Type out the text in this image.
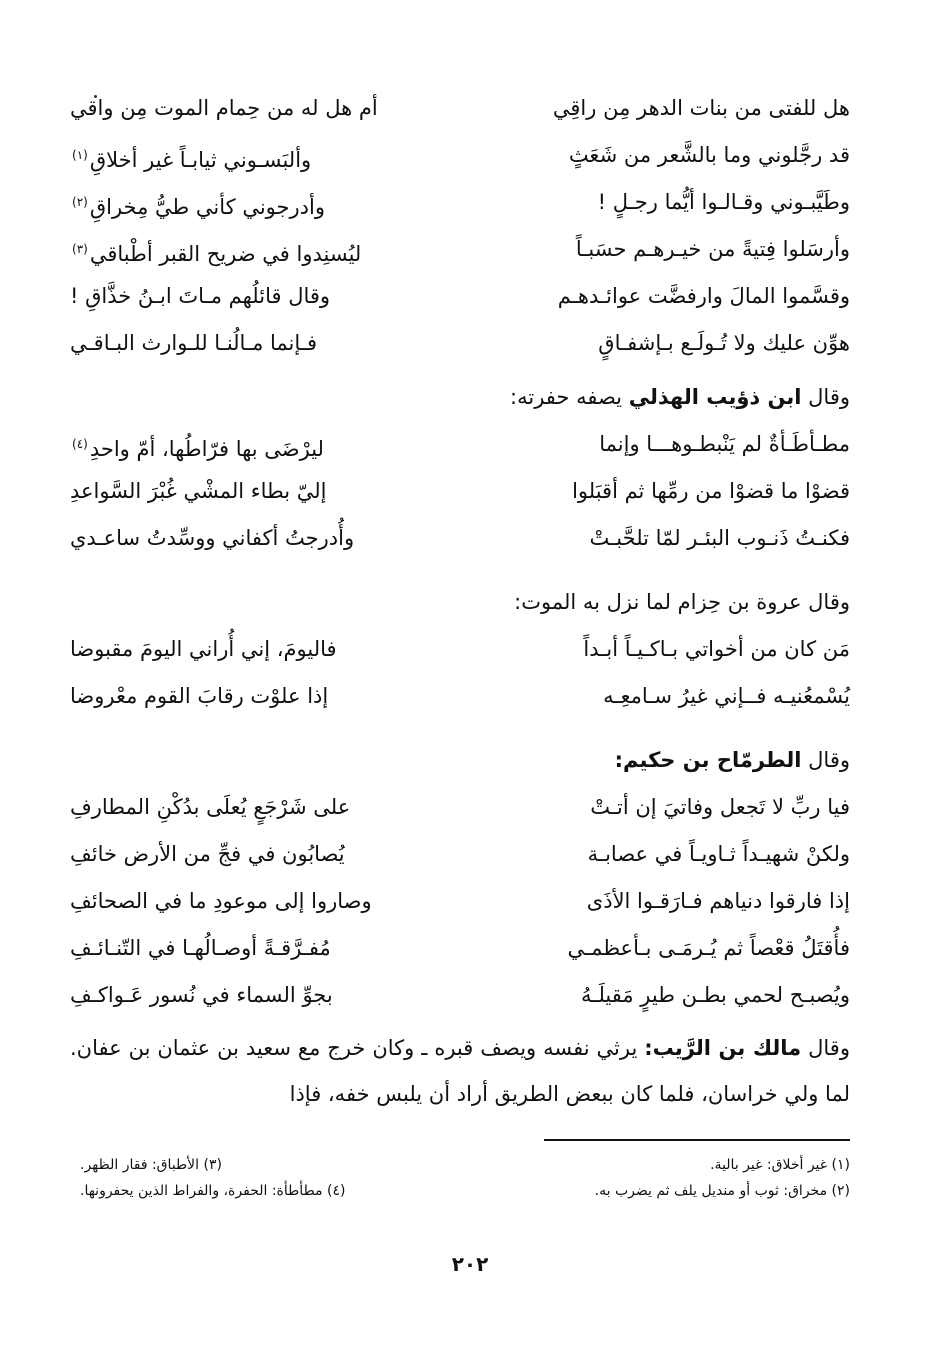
هل للفتى من بنات الدهر مِن راقِي
أم هل له من حِمام الموت مِن واقي
قد رجَّلوني وما بالشَّعر من شَعَثٍ
وألبَسـوني ثيابـاً غير أخلاقِ$^{(١)}$
وطَيَّبـوني وقـالـوا أيُّما رجـلٍ !
وأدرجوني كأني طيُّ مِخراقِ$^{(٢)}$
وأرسَلوا فِتيةً من خيـرهـم حسَبـاً
ليُسنِدوا في ضريح القبر أطْباقي$^{(٣)}$
وقسَّموا المالَ وارفضَّت عوائـدهـم
وقال قائلُهم مـاتَ ابـنُ خذَّاقِ !
هوِّن عليك ولا تُـولَـع بـإشفـاقٍ
فـإنما مـالُنـا للـوارث البـاقـي
وقال ابن ذؤيب الهذلي يصفه حفرته:
مطـأطَـأةٌ لم يَنْبطـوهـــا وإنما
ليرْضَى بها فرّاطُها، أمّ واحدِ$^{(٤)}$
قضوْا ما قضوْا من رمِّها ثم أقبَلوا
إليّ بطاء المشْي غُبْرَ السَّواعدِ
فكنـتُ ذَنـوب البئـر لمّا تلحَّبـتْ
وأُدرجتُ أكفاني ووسِّدتُ ساعـدي
وقال عروة بن حِزام لما نزل به الموت:
مَن كان من أخواتي بـاكـيـاً أبـداً
فاليومَ، إني أُراني اليومَ مقبوضا
يُسْمعُنيـه فــإني غيرُ سـامعِـه
إذا علوْت رقابَ القوم معْروضا
وقال الطرمّاح بن حكيم:
فيا ربِّ لا تَجعل وفاتيَ إن أتـتْ
على شَرْجَعٍ يُعلَى بدُكْنِ المطارفِ
ولكنْ شهيـداً ثـاويـاً في عصابـة
يُصابُون في فجِّ من الأرض خائفِ
إذا فارقوا دنياهم فـارَقـوا الأذَى
وصاروا إلى موعودِ ما في الصحائفِ
فأُقتَلُ قعْصاً ثم يُـرمَـى بـأعظمـي
مُفـرَّقـةً أوصـالُهـا في التّنـائـفِ
ويُصبـح لحمي بطـن طيرٍ مَقيلَـهُ
بجوِّ السماء في نُسور عَـواكـفِ
وقال مالك بن الرَّيب: يرثي نفسه ويصف قبره ـ وكان خرج مع سعيد بن عثمان بن عفان. لما ولي خراسان، فلما كان ببعض الطريق أراد أن يلبس خفه، فإذا
(١) غير أخلاق: غير بالية.
(٣) الأطباق: فقار الظهر.
(٢) مخراق: ثوب أو منديل يلف ثم يضرب به.
(٤) مطأطأة: الحفرة، والفراط الذين يحفرونها.
٢٠٢
